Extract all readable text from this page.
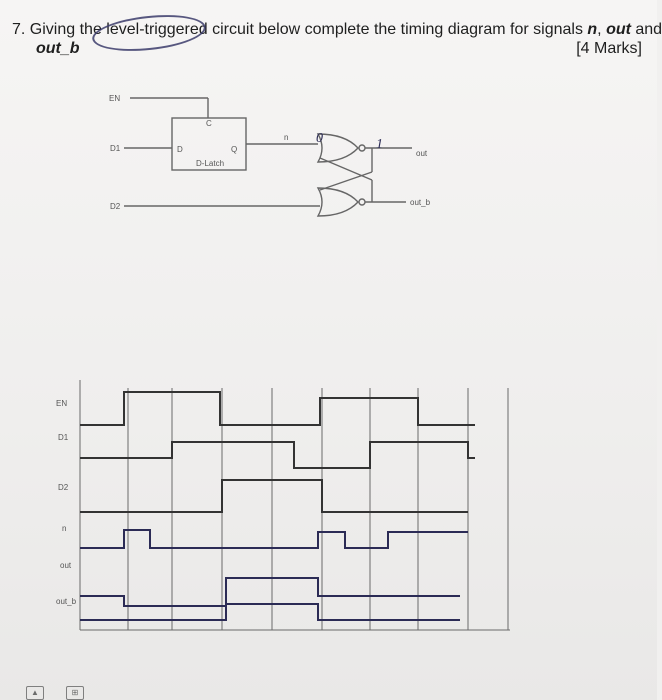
7. Giving the level-triggered circuit below complete the timing diagram for signals n, out and
out_b	[4 Marks]
EN
D1
D2
C
D	Q
D-Latch
n
out
out_b
0	1
EN
D1
D2
n
out
out_b
▲	⊞
